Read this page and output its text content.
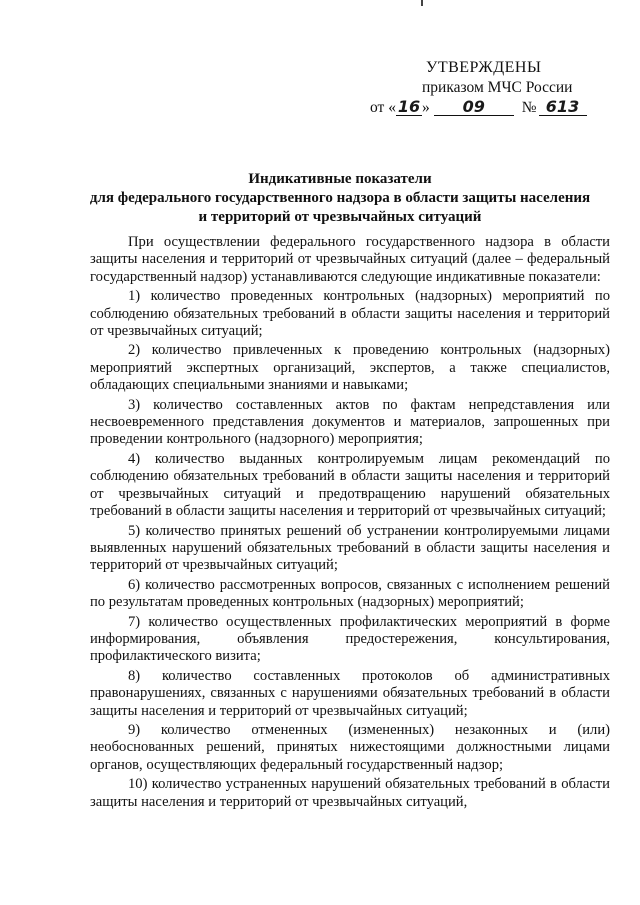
УТВЕРЖДЕНЫ
приказом МЧС России
от « 16 »	09	№ 613
Индикативные показатели
для федерального государственного надзора в области защиты населения
и территорий от чрезвычайных ситуаций

При осуществлении федерального государственного надзора в области защиты населения и территорий от чрезвычайных ситуаций (далее – федеральный государственный надзор) устанавливаются следующие индикативные показатели:

1) количество проведенных контрольных (надзорных) мероприятий по соблюдению обязательных требований в области защиты населения и территорий от чрезвычайных ситуаций;

2) количество привлеченных к проведению контрольных (надзорных) мероприятий экспертных организаций, экспертов, а также специалистов, обладающих специальными знаниями и навыками;

3) количество составленных актов по фактам непредставления или несвоевременного представления документов и материалов, запрошенных при проведении контрольного (надзорного) мероприятия;

4) количество выданных контролируемым лицам рекомендаций по соблюдению обязательных требований в области защиты населения и территорий от чрезвычайных ситуаций и предотвращению нарушений обязательных требований в области защиты населения и территорий от чрезвычайных ситуаций;

5) количество принятых решений об устранении контролируемыми лицами выявленных нарушений обязательных требований в области защиты населения и территорий от чрезвычайных ситуаций;

6) количество рассмотренных вопросов, связанных с исполнением решений по результатам проведенных контрольных (надзорных) мероприятий;

7) количество осуществленных профилактических мероприятий в форме информирования, объявления предостережения, консультирования, профилактического визита;

8) количество составленных протоколов об административных правонарушениях, связанных с нарушениями обязательных требований в области защиты населения и территорий от чрезвычайных ситуаций;

9) количество отмененных (измененных) незаконных и (или) необоснованных решений, принятых нижестоящими должностными лицами органов, осуществляющих федеральный государственный надзор;

10) количество устраненных нарушений обязательных требований в области защиты населения и территорий от чрезвычайных ситуаций,
